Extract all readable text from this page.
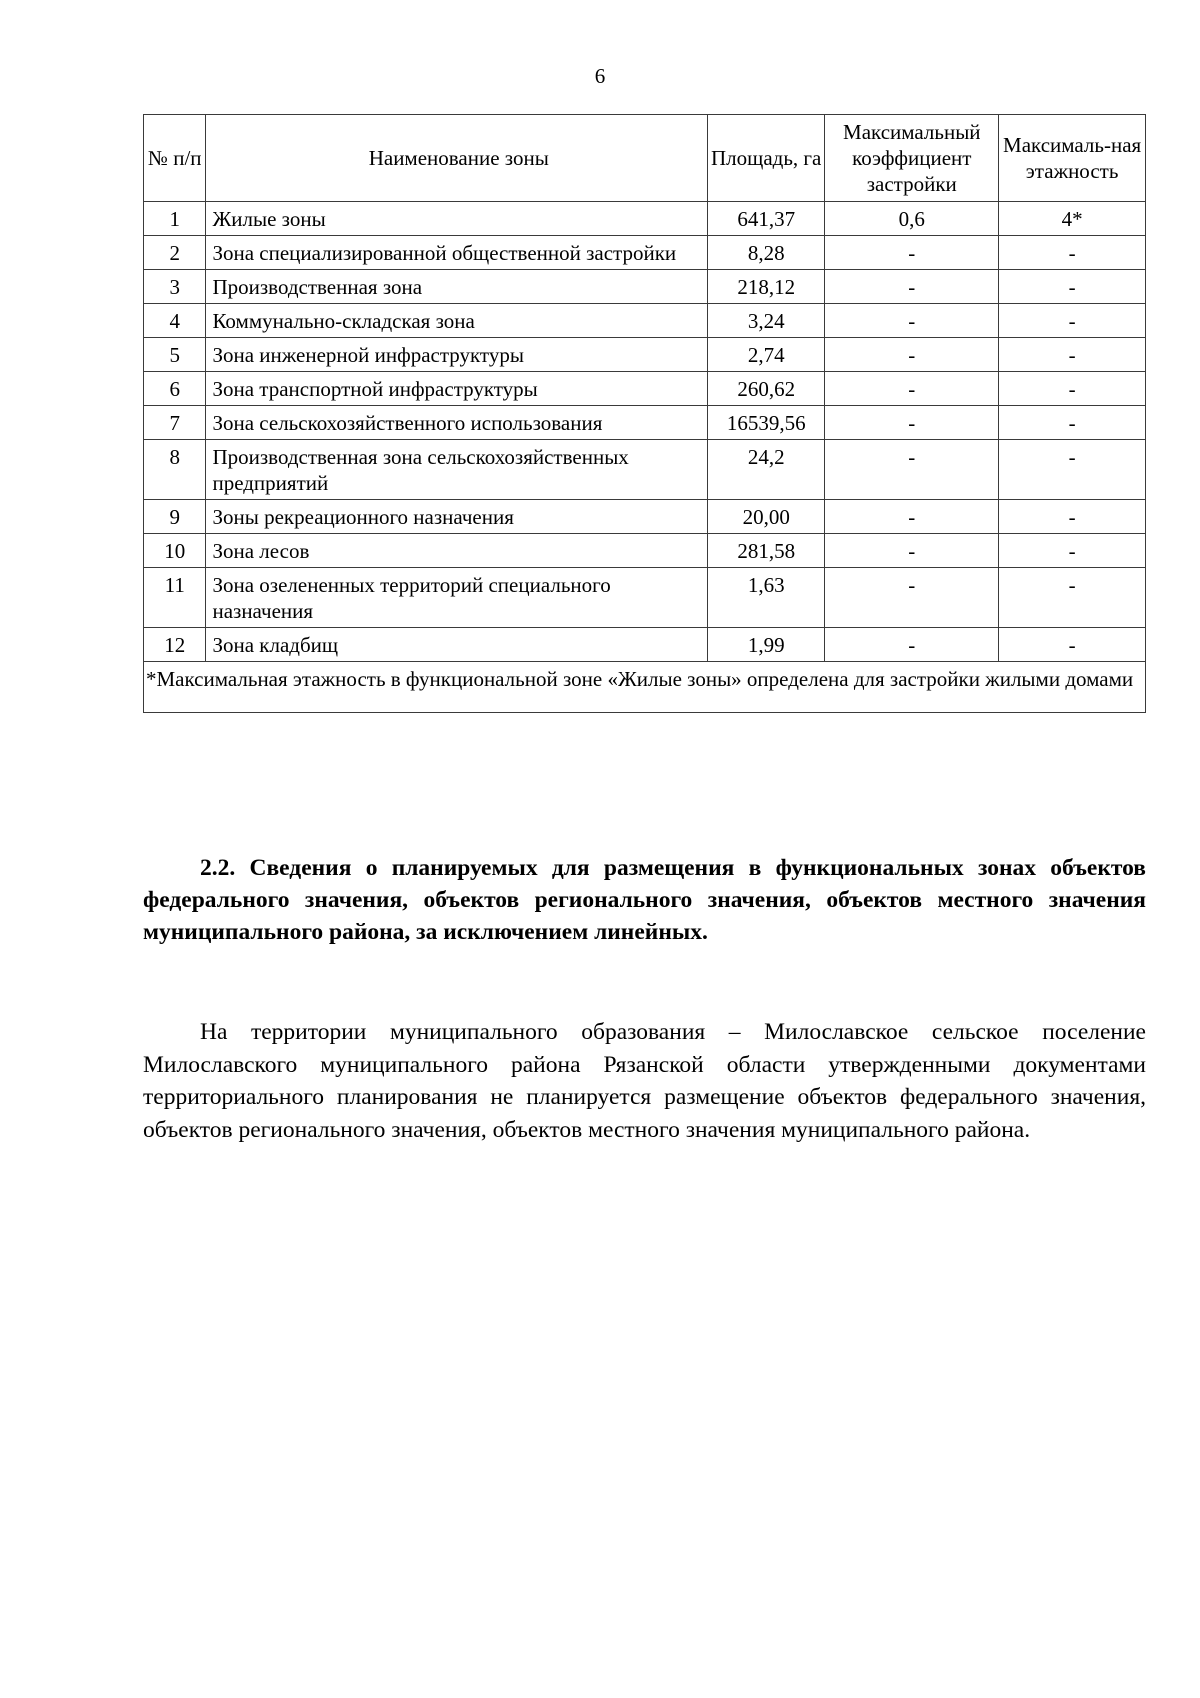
6
№ п/п	Наименование зоны	Площадь, га	Максимальный коэффициент застройки	Максималь-ная этажность
1	Жилые зоны	641,37	0,6	4*
2	Зона специализированной общественной застройки	8,28	-	-
3	Производственная зона	218,12	-	-
4	Коммунально-складская зона	3,24	-	-
5	Зона инженерной инфраструктуры	2,74	-	-
6	Зона транспортной инфраструктуры	260,62	-	-
7	Зона сельскохозяйственного использования	16539,56	-	-
8	Производственная зона сельскохозяйственных предприятий	24,2	-	-
9	Зоны рекреационного назначения	20,00	-	-
10	Зона лесов	281,58	-	-
11	Зона озелененных территорий специального назначения	1,63	-	-
12	Зона кладбищ	1,99	-	-
*Максимальная этажность в функциональной зоне «Жилые зоны» определена для застройки жилыми домами				

2.2. Сведения о планируемых для размещения в функциональных зонах объектов федерального значения, объектов регионального значения, объектов местного значения муниципального района, за исключением линейных.

На территории муниципального образования – Милославское сельское поселение Милославского муниципального района Рязанской области утвержденными документами территориального планирования не планируется размещение объектов федерального значения, объектов регионального значения, объектов местного значения муниципального района.
